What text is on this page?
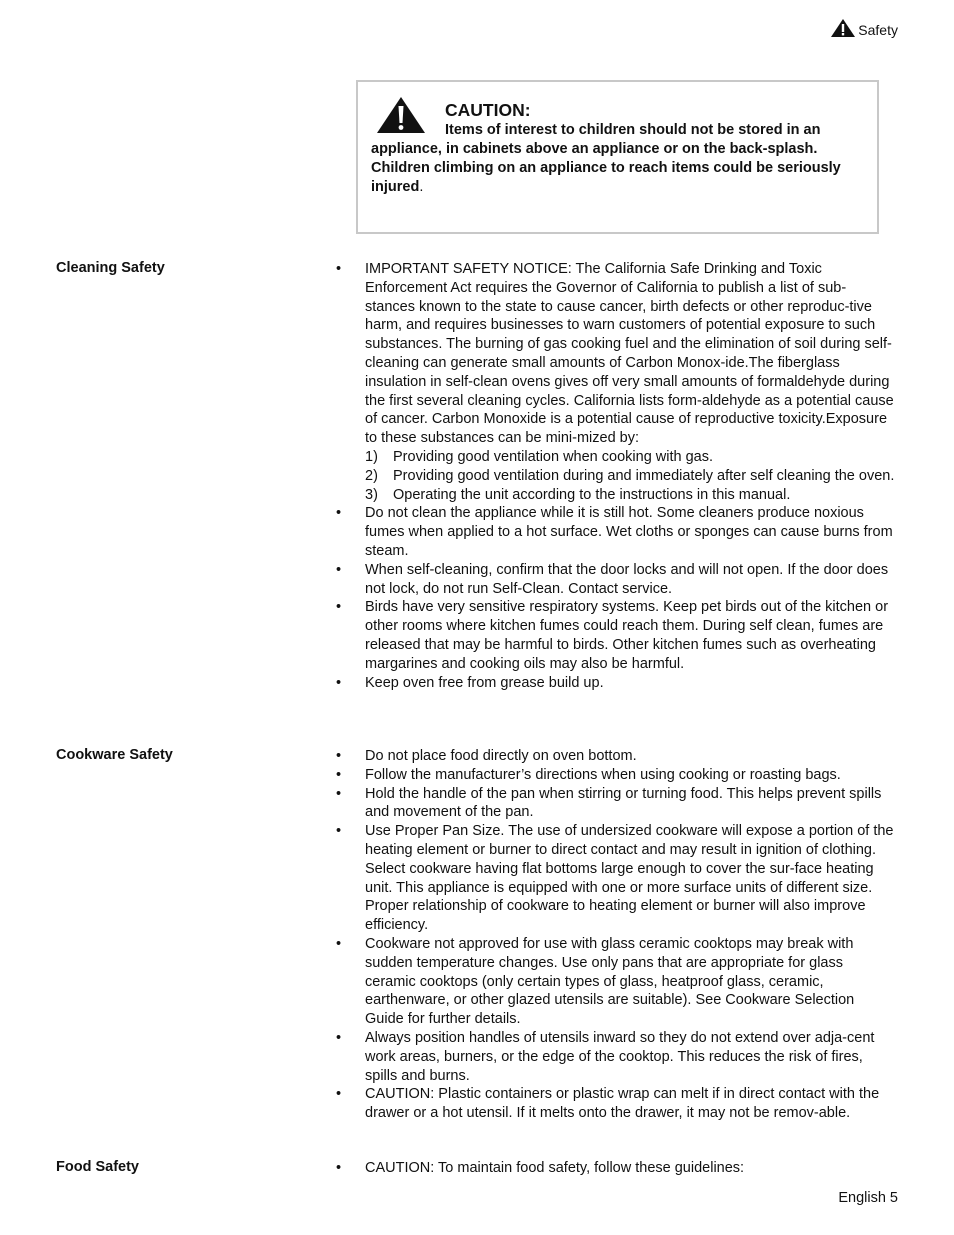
Safety
CAUTION:
Items of interest to children should not be stored in an appliance, in cabinets above an appliance or on the back-splash. Children climbing on an appliance to reach items could be seriously injured.
Cleaning Safety	• IMPORTANT SAFETY NOTICE: The California Safe Drinking and Toxic Enforcement Act requires the Governor of California to publish a list of sub-stances known to the state to cause cancer, birth defects or other reproduc-tive harm, and requires businesses to warn customers of potential exposure to such substances. The burning of gas cooking fuel and the elimination of soil during self-cleaning can generate small amounts of Carbon Monox-ide.The fiberglass insulation in self-clean ovens gives off very small amounts of formaldehyde during the first several cleaning cycles. California lists form-aldehyde as a potential cause of cancer. Carbon Monoxide is a potential cause of reproductive toxicity.Exposure to these substances can be mini-mized by:
1) Providing good ventilation when cooking with gas.
2) Providing good ventilation during and immediately after self cleaning the oven.
3) Operating the unit according to the instructions in this manual.
• Do not clean the appliance while it is still hot. Some cleaners produce noxious fumes when applied to a hot surface. Wet cloths or sponges can cause burns from steam.
• When self-cleaning, confirm that the door locks and will not open. If the door does not lock, do not run Self-Clean. Contact service.
• Birds have very sensitive respiratory systems. Keep pet birds out of the kitchen or other rooms where kitchen fumes could reach them. During self clean, fumes are released that may be harmful to birds. Other kitchen fumes such as overheating margarines and cooking oils may also be harmful.
• Keep oven free from grease build up.
Cookware Safety	• Do not place food directly on oven bottom.
• Follow the manufacturer’s directions when using cooking or roasting bags.
• Hold the handle of the pan when stirring or turning food. This helps prevent spills and movement of the pan.
• Use Proper Pan Size. The use of undersized cookware will expose a portion of the heating element or burner to direct contact and may result in ignition of clothing. Select cookware having flat bottoms large enough to cover the sur-face heating unit. This appliance is equipped with one or more surface units of different size. Proper relationship of cookware to heating element or burner will also improve efficiency.
• Cookware not approved for use with glass ceramic cooktops may break with sudden temperature changes. Use only pans that are appropriate for glass ceramic cooktops (only certain types of glass, heatproof glass, ceramic, earthenware, or other glazed utensils are suitable). See Cookware Selection Guide for further details.
• Always position handles of utensils inward so they do not extend over adja-cent work areas, burners, or the edge of the cooktop. This reduces the risk of fires, spills and burns.
• CAUTION: Plastic containers or plastic wrap can melt if in direct contact with the drawer or a hot utensil. If it melts onto the drawer, it may not be remov-able.
Food Safety	• CAUTION: To maintain food safety, follow these guidelines:
English 5
